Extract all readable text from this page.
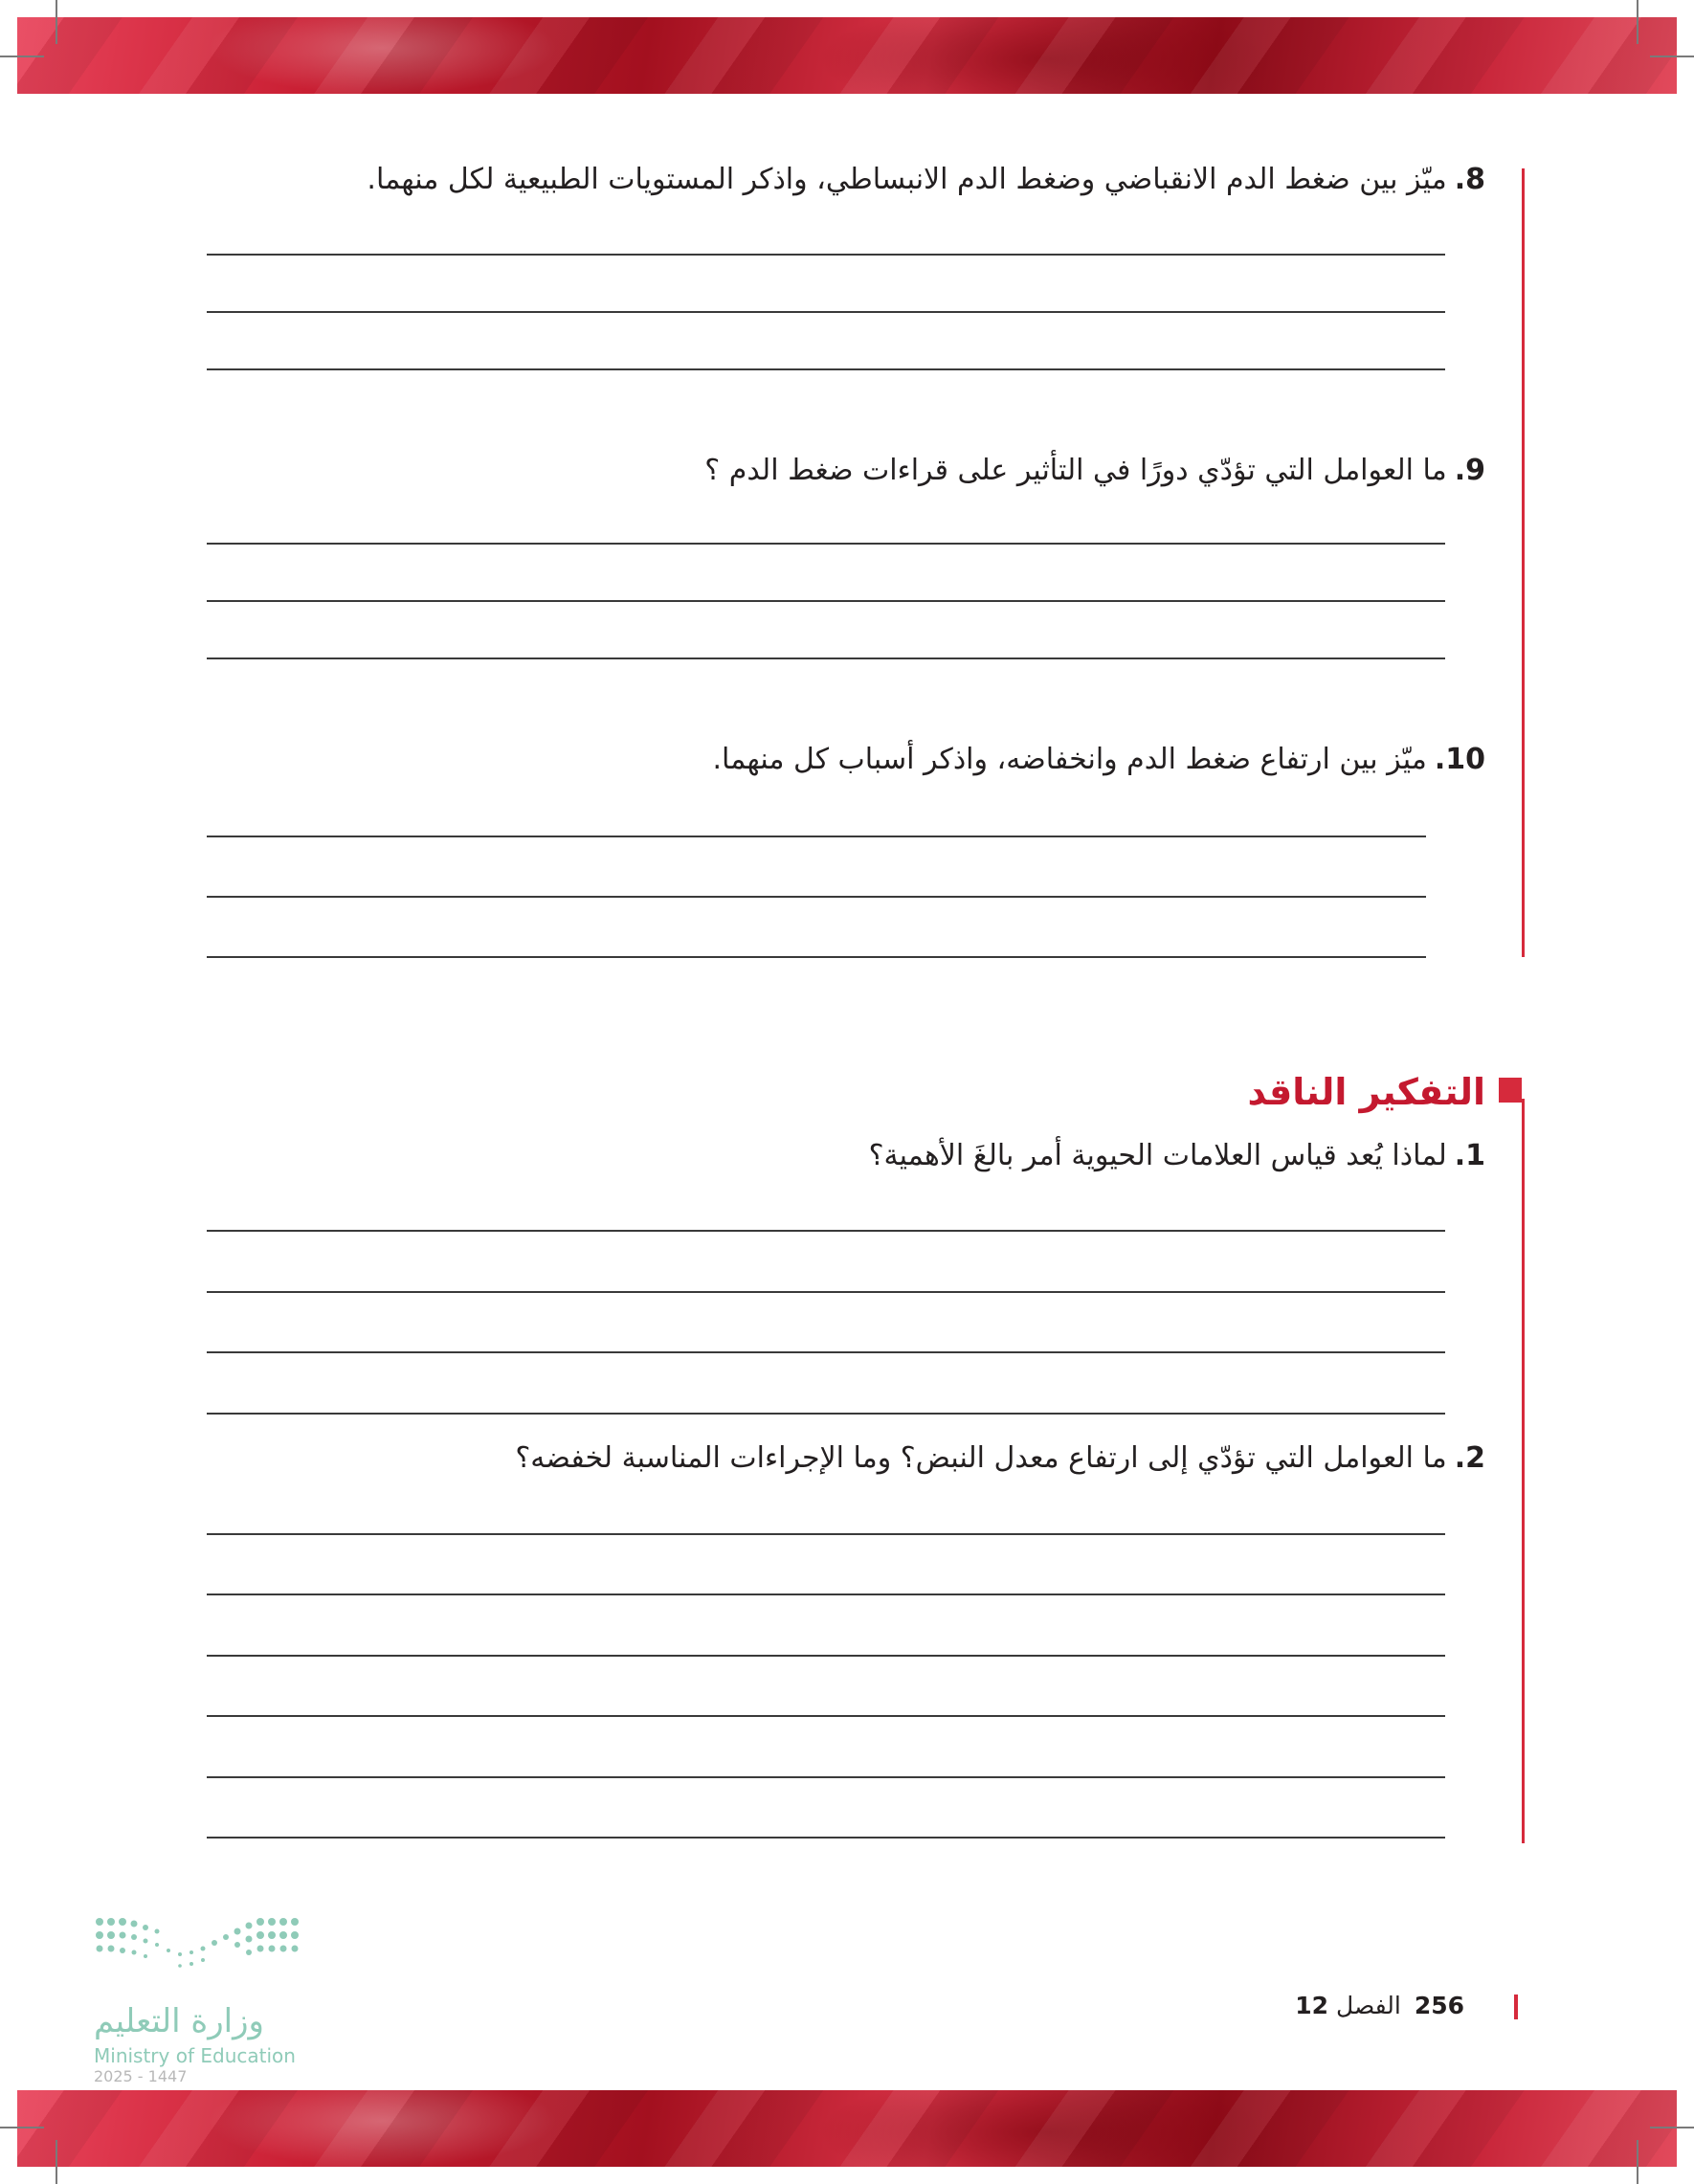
8.ميّز بين ضغط الدم الانقباضي وضغط الدم الانبساطي، واذكر المستويات الطبيعية لكل منهما.
9.ما العوامل التي تؤدّي دورًا في التأثير على قراءات ضغط الدم ؟
10.ميّز بين ارتفاع ضغط الدم وانخفاضه، واذكر أسباب كل منهما.
التفكير الناقد
1.لماذا يُعد قياس العلامات الحيوية أمر بالغَ الأهمية؟
2.ما العوامل التي تؤدّي إلى ارتفاع معدل النبض؟ وما الإجراءات المناسبة لخفضه؟
وزارة التعليم
Ministry of Education
2025 - 1447
256 الفصل 12
